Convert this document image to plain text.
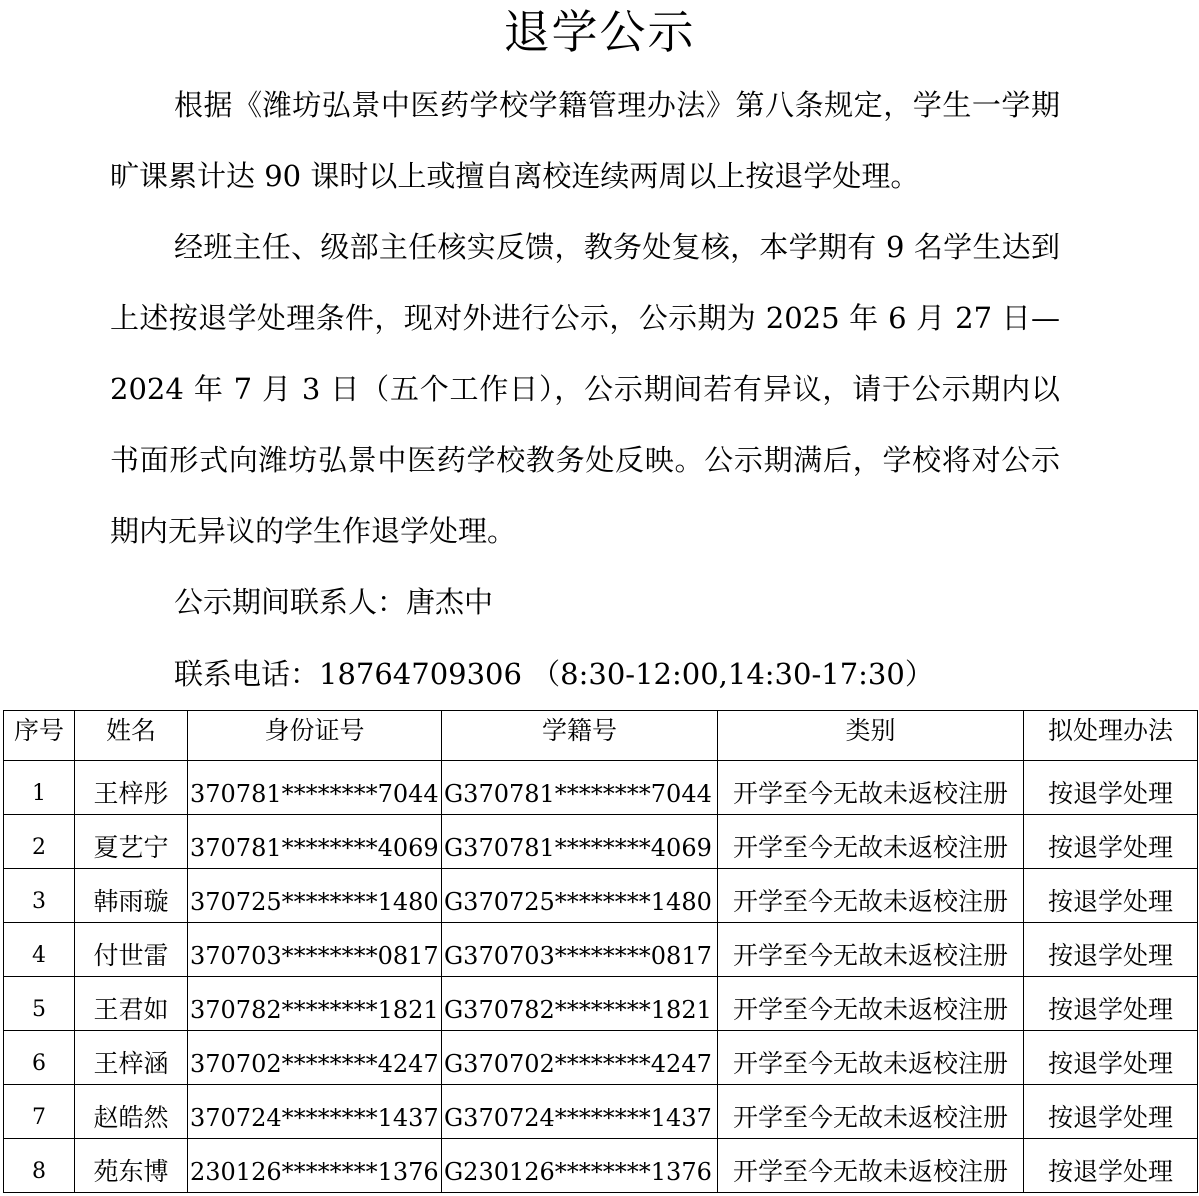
退学公示
根据《潍坊弘景中医药学校学籍管理办法》第八条规定，学生一学期旷课累计达 90 课时以上或擅自离校连续两周以上按退学处理。
经班主任、级部主任核实反馈，教务处复核，本学期有 9 名学生达到上述按退学处理条件，现对外进行公示，公示期为 2025 年 6 月 27 日—2024 年 7 月 3 日（五个工作日），公示期间若有异议，请于公示期内以书面形式向潍坊弘景中医药学校教务处反映。公示期满后，学校将对公示期内无异议的学生作退学处理。
公示期间联系人：唐杰中
联系电话：18764709306 （8:30-12:00,14:30-17:30）
序号	姓名	身份证号	学籍号	类别	拟处理办法
1	王梓彤	370781********7044	G370781********7044	开学至今无故未返校注册	按退学处理
2	夏艺宁	370781********4069	G370781********4069	开学至今无故未返校注册	按退学处理
3	韩雨璇	370725********1480	G370725********1480	开学至今无故未返校注册	按退学处理
4	付世雷	370703********0817	G370703********0817	开学至今无故未返校注册	按退学处理
5	王君如	370782********1821	G370782********1821	开学至今无故未返校注册	按退学处理
6	王梓涵	370702********4247	G370702********4247	开学至今无故未返校注册	按退学处理
7	赵皓然	370724********1437	G370724********1437	开学至今无故未返校注册	按退学处理
8	苑东博	230126********1376	G230126********1376	开学至今无故未返校注册	按退学处理
